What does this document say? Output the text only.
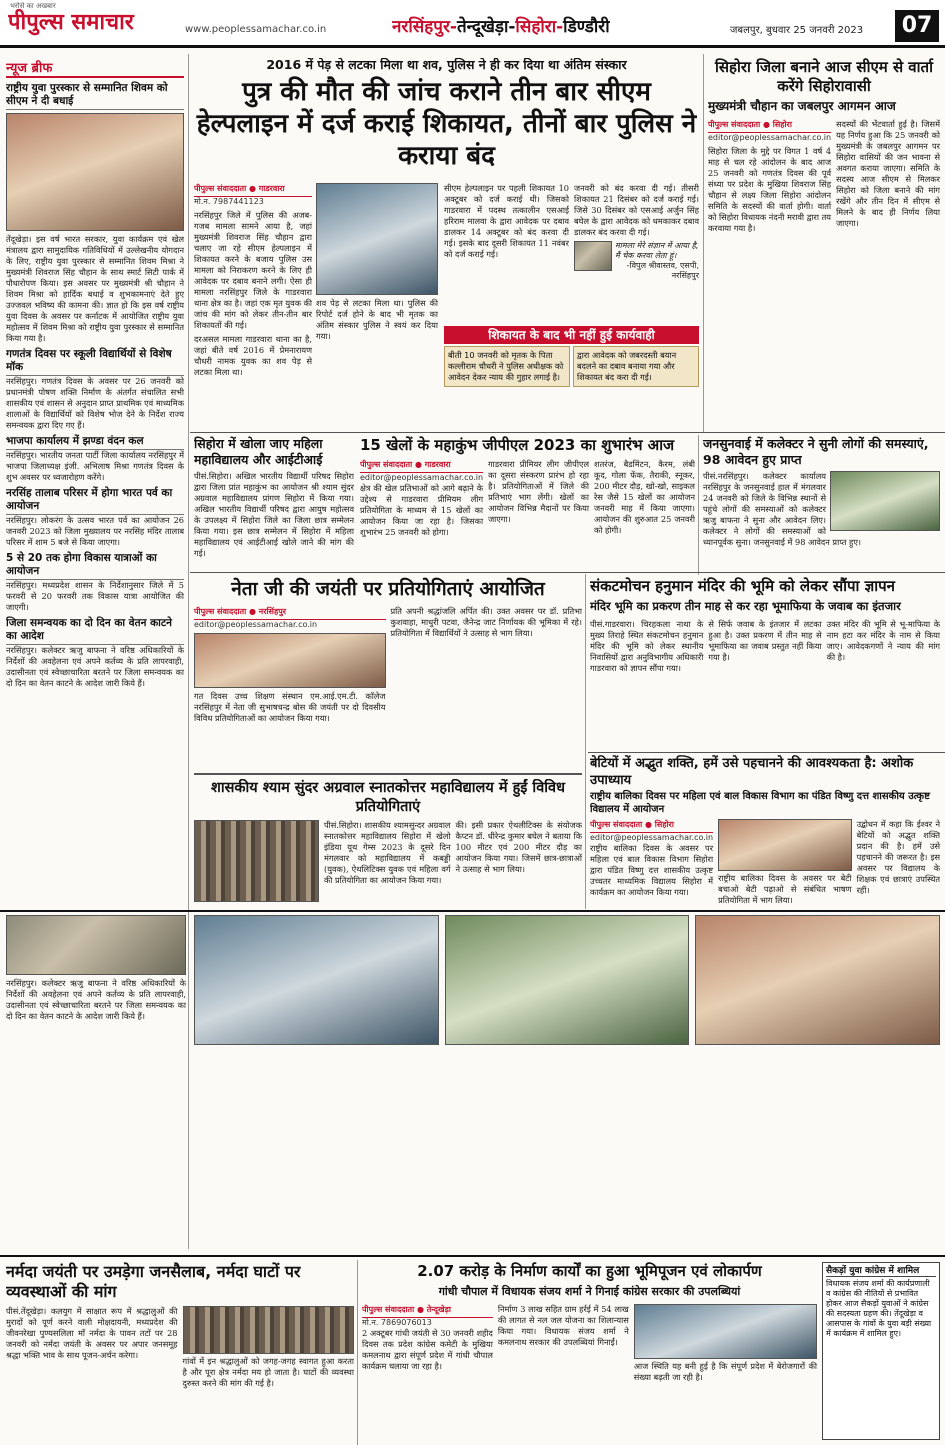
भरोसे का अखबार
पीपुल्स समाचार	www.peoplessamachar.co.in	नरसिंहपुर-तेन्दूखेड़ा-सिहोरा-डिण्डौरी	जबलपुर, बुधवार 25 जनवरी 2023	07
न्यूज ब्रीफ
राष्ट्रीय युवा पुरस्कार से सम्मानित शिवम को सीएम ने दी बधाई
तेंदूखेड़ा। इस वर्ष भारत सरकार, युवा कार्यक्रम एवं खेल मंत्रालय द्वारा सामुदायिक गतिविधियों में उल्लेखनीय योगदान के लिए, राष्ट्रीय युवा पुरस्कार से सम्मानित शिवम मिश्रा ने मुख्यमंत्री शिवराज सिंह चौहान के साथ स्मार्ट सिटी पार्क में पौधारोपण किया। इस अवसर पर मुख्यमंत्री श्री चौहान ने शिवम मिश्रा को हार्दिक बधाई व शुभकामनाएं देते हुए उज्जवल भविष्य की कामना की। ज्ञात हो कि इस वर्ष राष्ट्रीय युवा दिवस के अवसर पर कर्नाटक में आयोजित राष्ट्रीय युवा महोत्सव में शिवम मिश्रा को राष्ट्रीय युवा पुरस्कार से सम्मानित किया गया है।
गणतंत्र दिवस पर स्कूली विद्यार्थियों से विशेष मॉक
नरसिंहपुर। गणतंत्र दिवस के अवसर पर 26 जनवरी को प्रधानमंत्री पोषण शक्ति निर्माण के अंतर्गत संचालित सभी शासकीय एवं शासन से अनुदान प्राप्त प्राथमिक एवं माध्यमिक शालाओं के विद्यार्थियों को विशेष भोज देने के निर्देश राज्य समन्वयक द्वारा दिए गए हैं।
भाजपा कार्यालय में झण्डा वंदन कल
नरसिंहपुर। भारतीय जनता पार्टी जिला कार्यालय नरसिंहपुर में भाजपा जिलाध्यक्ष इंजी. अभिलाष मिश्रा गणतंत्र दिवस के शुभ अवसर पर ध्वजारोहण करेंगे।
नरसिंह तालाब परिसर में होगा भारत पर्व का आयोजन
नरसिंहपुर। लोकरंग के उत्सव भारत पर्व का आयोजन 26 जनवरी 2023 को जिला मुख्यालय पर नरसिंह मंदिर तालाब परिसर में शाम 5 बजे से किया जाएगा।
5 से 20 तक होगा विकास यात्राओं का आयोजन
नरसिंहपुर। मध्यप्रदेश शासन के निर्देशानुसार जिले में 5 फरवरी से 20 फरवरी तक विकास यात्रा आयोजित की जाएगी।
जिला समन्वयक का दो दिन का वेतन काटने का आदेश
नरसिंहपुर। कलेक्टर ऋजु बाफना ने वरिष्ठ अधिकारियों के निर्देशों की अवहेलना एवं अपने कर्तव्य के प्रति लापरवाही, उदासीनता एवं स्वेच्छाचारिता बरतने पर जिला समन्वयक का दो दिन का वेतन काटने के आदेश जारी किये हैं।
2016 में पेड़ से लटका मिला था शव, पुलिस ने ही कर दिया था अंतिम संस्कार
पुत्र की मौत की जांच कराने तीन बार सीएम हेल्पलाइन में दर्ज कराई शिकायत, तीनों बार पुलिस ने कराया बंद
पीपुल्स संवाददाता ● गाडरवारा
मो.न. 7987441123
नरसिंहपुर जिले में पुलिस की अजब-गजब मामला सामने आया है, जहां मुख्यमंत्री शिवराज सिंह चौहान द्वारा चलाए जा रहे सीएम हेल्पलाइन में शिकायत करने के बजाय पुलिस उस मामला को निराकरण करने के लिए ही आवेदक पर दबाव बनाने लगी। ऐसा ही मामला नरसिंहपुर जिले के गाडरवारा थाना क्षेत्र का है। जहां एक मृत युवक की जांच की मांग को लेकर तीन-तीन बार शिकायतों की गई।
दरअसल मामला गाडरवारा थाना का है, जहां बीते वर्ष 2016 में प्रेमनारायण चौधरी नामक युवक का शव पेड़ से लटका मिला था।
शव पेड़ से लटका मिला था। पुलिस की रिपोर्ट दर्ज होने के बाद भी मृतक का अंतिम संस्कार पुलिस ने स्वयं कर दिया गया।
सीएम हेल्पलाइन पर पहली शिकायत 10 अक्टूबर को दर्ज कराई थी। जिसको गाडरवारा में पदस्थ तत्कालीन एसआई हरिराम मालवा के द्वारा आवेदक पर दबाव डालकर 14 अक्टूबर को बंद करवा दी गई। इसके बाद दूसरी शिकायत 11 नवंबर को दर्ज कराई गई।
जनवरी को बंद करवा दी गई। तीसरी शिकायत 21 दिसंबर को दर्ज कराई गई। जिसे 30 दिसंबर को एसआई अर्जुन सिंह बघेल के द्वारा आवेदक को धमकाकर दबाव डालकर बंद करवा दी गई।
मामला मेरे संज्ञान में आया है, मैं चेक करवा लेता हूं।
-विपुल श्रीवास्तव, एसपी, नरसिंहपुर
शिकायत के बाद भी नहीं हुई कार्यवाही
बीती 10 जनवरी को मृतक के पिता कल्लीराम चौधरी ने पुलिस अधीक्षक को आवेदन देकर न्याय की गुहार लगाई है।
द्वारा आवेदक को जबरदस्ती बयान बदलने का दबाव बनाया गया और शिकायत बंद करा दी गई।
सिहोरा जिला बनाने आज सीएम से वार्ता करेंगे सिहोरावासी
मुख्यमंत्री चौहान का जबलपुर आगमन आज
पीपुल्स संवाददाता ● सिहोरा
editor@peoplessamachar.co.in
सिहोरा जिला के मुद्दे पर विगत 1 वर्ष 4 माह से चल रहे आंदोलन के बाद आज 25 जनवरी को गणतंत्र दिवस की पूर्व संध्या पर प्रदेश के मुखिया शिवराज सिंह चौहान से लक्ष्य जिला सिहोरा आंदोलन समिति के सदस्यों की वार्ता होगी। वार्ता को सिहोरा विधायक नंदनी मरावी द्वारा तय करवाया गया है।
सदस्यों की भेंटवार्ता हुई है। जिसमें यह निर्णय हुआ कि 25 जनवरी को मुख्यमंत्री के जबलपुर आगमन पर सिहोरा वासियों की जन भावना से अवगत कराया जाएगा। समिति के सदस्य आज सीएम से मिलकर सिहोरा को जिला बनाने की मांग रखेंगे और तीन दिन में सीएम से मिलने के बाद ही निर्णय लिया जाएगा।
सिहोरा में खोला जाए महिला महाविद्यालय और आईटीआई
पीसं.सिहोरा। अखिल भारतीय विद्यार्थी परिषद सिहोरा द्वारा जिला प्रांत महाकुंभ का आयोजन श्री श्याम सुंदर अग्रवाल महाविद्यालय प्रांगण सिहोरा में किया गया। अखिल भारतीय विद्यार्थी परिषद द्वारा आयुष महोत्सव के उपलक्ष्य में सिहोरा जिले का जिला छात्र सम्मेलन किया गया। इस छात्र सम्मेलन में सिहोरा में महिला महाविद्यालय एवं आईटीआई खोले जाने की मांग की गई।
15 खेलों के महाकुंभ जीपीएल 2023 का शुभारंभ आज
पीपुल्स संवाददाता ● गाडरवारा
editor@peoplessamachar.co.in
क्षेत्र की खेल प्रतिभाओं को आगे बढ़ाने के उद्देश्य से गाडरवारा प्रीमियम लीग प्रतियोगिता के माध्यम से 15 खेलों का आयोजन किया जा रहा है। जिसका शुभारंभ 25 जनवरी को होगा।
गाडरवारा प्रीमियर लीग जीपीएल का दूसरा संस्करण प्रारंभ हो रहा है। प्रतियोगिताओं में जिले की प्रतिभाएं भाग लेंगी। खेलों का आयोजन विभिन्न मैदानों पर किया जाएगा।
शतरंज, बैडमिंटन, कैरम, लंबी कूद, गोला फेंक, तैराकी, स्नूकर, 200 मीटर दौड़, खो-खो, साइकल रेस जैसे 15 खेलों का आयोजन जनवरी माह में किया जाएगा। आयोजन की शुरुआत 25 जनवरी को होगी।
जनसुनवाई में कलेक्टर ने सुनी लोगों की समस्याएं, 98 आवेदन हुए प्राप्त
पीसं.नरसिंहपुर। कलेक्टर कार्यालय नरसिंहपुर के जनसुनवाई हाल में मंगलवार 24 जनवरी को जिले के विभिन्न स्थानों से पहुंचे लोगों की समस्याओं को कलेक्टर ऋजु बाफना ने सुना और आवेदन लिए। कलेक्टर ने लोगों की समस्याओं को ध्यानपूर्वक सुना। जनसुनवाई में 98 आवेदन प्राप्त हुए।
नेता जी की जयंती पर प्रतियोगिताएं आयोजित
पीपुल्स संवाददाता ● नरसिंहपुर
editor@peoplessamachar.co.in
गत दिवस उच्च शिक्षण संस्थान एम.आई.एम.टी. कॉलेज नरसिंहपुर में नेता जी सुभाषचन्द्र बोस की जयंती पर दो दिवसीय विविध प्रतियोगिताओं का आयोजन किया गया।
प्रति अपनी श्रद्धांजलि अर्पित की। उक्त अवसर पर डॉ. प्रतिभा कुशवाहा, माधुरी पटवा, जैनेन्द्र जाट निर्णायक की भूमिका में रहे। प्रतियोगिता में विद्यार्थियों ने उत्साह से भाग लिया।
शासकीय श्याम सुंदर अग्रवाल स्नातकोत्तर महाविद्यालय में हुईं विविध प्रतियोगिताएं
संकटमोचन हनुमान मंदिर की भूमि को लेकर सौंपा ज्ञापन
मंदिर भूमि का प्रकरण तीन माह से कर रहा भूमाफिया के जवाब का इंतजार
पीसं.गाडरवारा। चिरहकला नाथा के मुख्य तिराहे स्थित संकटमोचन हनुमान मंदिर की भूमि को लेकर स्थानीय निवासियों द्वारा अनुविभागीय अधिकारी गाडरवारा को ज्ञापन सौंपा गया।
से सिर्फ जवाब के इंतजार में लटका हुआ है। उक्त प्रकरण में तीन माह से भूमाफिया का जवाब प्रस्तुत नहीं किया गया है।
उक्त मंदिर की भूमि से भू-माफिया के नाम हटा कर मंदिर के नाम से किया जाए। आवेदकगणों ने न्याय की मांग की है।
पीसं.सिहोरा। शासकीय श्यामसुन्दर अग्रवाल स्नातकोत्तर महाविद्यालय सिहोरा में खेलो इंडिया यूथ गेम्स 2023 के दूसरे दिन मंगलवार को महाविद्यालय में कबड्डी (युवक), ऐथलिटिक्स युवक एवं महिला वर्ग की प्रतियोगिता का आयोजन किया गया।
की। इसी प्रकार ऐथलीटिक्स के संयोजक कैप्टन डॉ. धीरेन्द्र कुमार बघेल ने बताया कि 100 मीटर एवं 200 मीटर दौड़ का आयोजन किया गया। जिसमें छात्र-छात्राओं ने उत्साह से भाग लिया।
बेटियों में अद्भुत शक्ति, हमें उसे पहचानने की आवश्यकता है: अशोक उपाध्याय
राष्ट्रीय बालिका दिवस पर महिला एवं बाल विकास विभाग का पंडित विष्णु दत्त शासकीय उत्कृष्ट विद्यालय में आयोजन
पीपुल्स संवाददाता ● सिहोरा
editor@peoplessamachar.co.in
राष्ट्रीय बालिका दिवस के अवसर पर महिला एवं बाल विकास विभाग सिहोरा द्वारा पंडित विष्णु दत्त शासकीय उत्कृष्ट उच्चतर माध्यमिक विद्यालय सिहोरा में कार्यक्रम का आयोजन किया गया।
राष्ट्रीय बालिका दिवस के अवसर पर बेटी बचाओ बेटी पढ़ाओ से संबंधित भाषण प्रतियोगिता में भाग लिया।
उद्बोधन में कहा कि ईश्वर ने बेटियों को अद्भुत शक्ति प्रदान की है। हमें उसे पहचानने की जरूरत है। इस अवसर पर विद्यालय के शिक्षक एवं छात्राएं उपस्थित रहीं।
नरसिंहपुर। कलेक्टर ऋजु बाफना ने वरिष्ठ अधिकारियों के निर्देशों की अवहेलना एवं अपने कर्तव्य के प्रति लापरवाही, उदासीनता एवं स्वेच्छाचारिता बरतने पर जिला समन्वयक का दो दिन का वेतन काटने के आदेश जारी किये हैं।
नर्मदा जयंती पर उमड़ेगा जनसैलाब, नर्मदा घाटों पर व्यवस्थाओं की मांग
पीसं.तेंदूखेड़ा। कलयुग में साक्षात रूप में श्रद्धालुओं की मुरादों को पूर्ण करने वाली मोक्षदायनी, मध्यप्रदेश की जीवनरेखा पुण्यसलिला माँ नर्मदा के पावन तटों पर 28 जनवरी को नर्मदा जयंती के अवसर पर अपार जनसमूह श्रद्धा भक्ति भाव के साथ पूजन-अर्चन करेगा।
गांवों में इन श्रद्धालुओं को जगह-जगह स्वागत हुआ करता है और पूरा क्षेत्र नर्मदा मय हो जाता है। घाटों की व्यवस्था दुरुस्त करने की मांग की गई है।
2.07 करोड़ के निर्माण कार्यों का हुआ भूमिपूजन एवं लोकार्पण
गांधी चौपाल में विधायक संजय शर्मा ने गिनाई कांग्रेस सरकार की उपलब्धियां
पीपुल्स संवाददाता ● तेन्दूखेड़ा
मो.न. 7869076013
2 अक्टूबर गांधी जयंती से 30 जनवरी शहीद दिवस तक प्रदेश कांग्रेस कमेटी के मुखिया कमलनाथ द्वारा संपूर्ण प्रदेश में गांधी चौपाल कार्यक्रम चलाया जा रहा है।
निर्माण 3 लाख सहित ग्राम हर्रई में 54 लाख की लागत से नल जल योजना का शिलान्यास किया गया। विधायक संजय शर्मा ने कमलनाथ सरकार की उपलब्धियां गिनाईं।
आज स्थिति यह बनी हुई है कि संपूर्ण प्रदेश में बेरोजगारों की संख्या बढ़ती जा रही है।
सैकड़ों युवा कांग्रेस में शामिल
विधायक संजय शर्मा की कार्यप्रणाली व कांग्रेस की नीतियों से प्रभावित होकर आज सैकड़ों युवाओं ने कांग्रेस की सदस्यता ग्रहण की। तेंदूखेड़ा व आसपास के गांवों के युवा बड़ी संख्या में कार्यक्रम में शामिल हुए।
